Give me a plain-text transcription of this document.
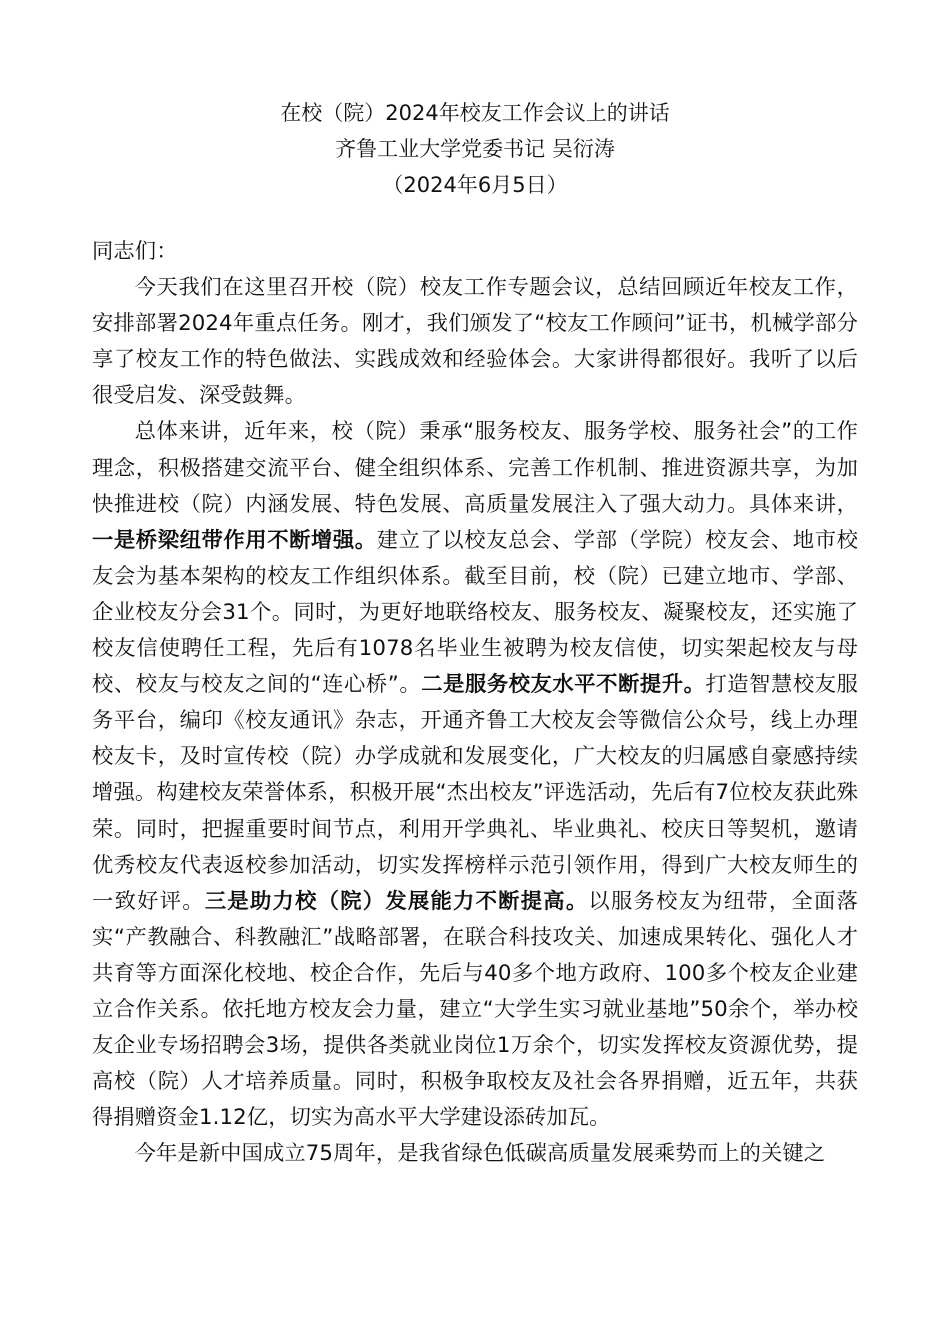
在校（院）2024年校友工作会议上的讲话
齐鲁工业大学党委书记 吴衍涛
（2024年6月5日）

同志们：

今天我们在这里召开校（院）校友工作专题会议，总结回顾近年校友工作，安排部署2024年重点任务。刚才，我们颁发了“校友工作顾问”证书，机械学部分享了校友工作的特色做法、实践成效和经验体会。大家讲得都很好。我听了以后很受启发、深受鼓舞。

总体来讲，近年来，校（院）秉承“服务校友、服务学校、服务社会”的工作理念，积极搭建交流平台、健全组织体系、完善工作机制、推进资源共享，为加快推进校（院）内涵发展、特色发展、高质量发展注入了强大动力。具体来讲，一是桥梁纽带作用不断增强。建立了以校友总会、学部（学院）校友会、地市校友会为基本架构的校友工作组织体系。截至目前，校（院）已建立地市、学部、企业校友分会31个。同时，为更好地联络校友、服务校友、凝聚校友，还实施了校友信使聘任工程，先后有1078名毕业生被聘为校友信使，切实架起校友与母校、校友与校友之间的“连心桥”。二是服务校友水平不断提升。打造智慧校友服务平台，编印《校友通讯》杂志，开通齐鲁工大校友会等微信公众号，线上办理校友卡，及时宣传校（院）办学成就和发展变化，广大校友的归属感自豪感持续增强。构建校友荣誉体系，积极开展“杰出校友”评选活动，先后有7位校友获此殊荣。同时，把握重要时间节点，利用开学典礼、毕业典礼、校庆日等契机，邀请优秀校友代表返校参加活动，切实发挥榜样示范引领作用，得到广大校友师生的一致好评。三是助力校（院）发展能力不断提高。以服务校友为纽带，全面落实“产教融合、科教融汇”战略部署，在联合科技攻关、加速成果转化、强化人才共育等方面深化校地、校企合作，先后与40多个地方政府、100多个校友企业建立合作关系。依托地方校友会力量，建立“大学生实习就业基地”50余个，举办校友企业专场招聘会3场，提供各类就业岗位1万余个，切实发挥校友资源优势，提高校（院）人才培养质量。同时，积极争取校友及社会各界捐赠，近五年，共获得捐赠资金1.12亿，切实为高水平大学建设添砖加瓦。

今年是新中国成立75周年，是我省绿色低碳高质量发展乘势而上的关键之
